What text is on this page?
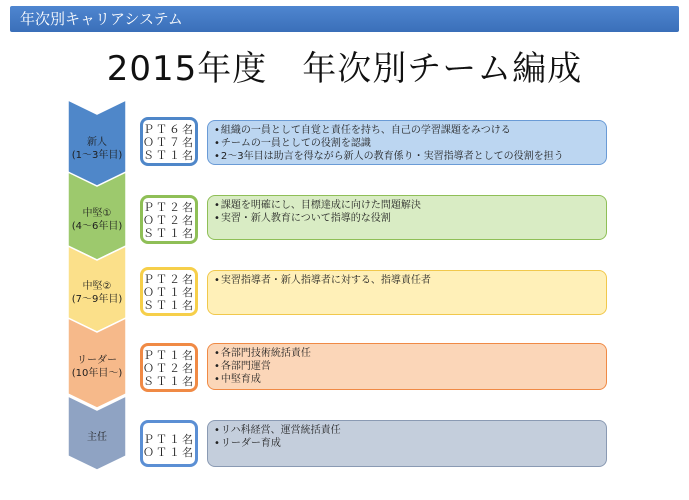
年次別キャリアシステム
2015年度　年次別チーム編成
新人
(1～3年目)
ＰＴ６名
ＯＴ７名
ＳＴ１名
• 組織の一員として自覚と責任を持ち、自己の学習課題をみつける
• チームの一員としての役割を認識
• 2～3年目は助言を得ながら新人の教育係り・実習指導者としての役割を担う
中堅①
(4～6年目)
ＰＴ２名
ＯＴ２名
ＳＴ１名
• 課題を明確にし、目標達成に向けた問題解決
• 実習・新人教育について指導的な役割
中堅②
(7～9年目)
ＰＴ２名
ＯＴ１名
ＳＴ１名
• 実習指導者・新人指導者に対する、指導責任者
リーダー
(10年目～)
ＰＴ１名
ＯＴ２名
ＳＴ１名
• 各部門技術統括責任
• 各部門運営
• 中堅育成
主任	ＰＴ１名
ＯＴ１名
• リハ科経営、運営統括責任
• リーダー育成
